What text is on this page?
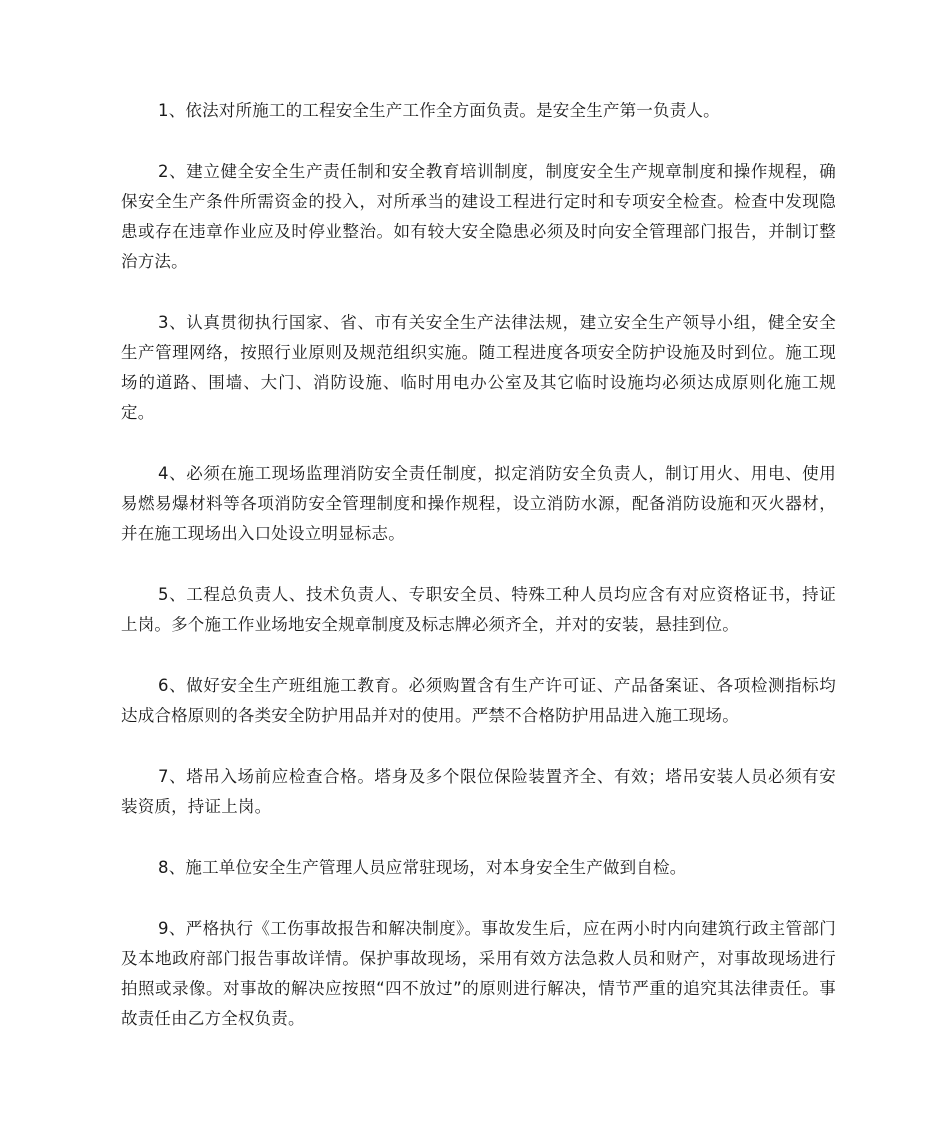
1、依法对所施工的工程安全生产工作全方面负责。是安全生产第一负责人。

2、建立健全安全生产责任制和安全教育培训制度，制度安全生产规章制度和操作规程，确保安全生产条件所需资金的投入，对所承当的建设工程进行定时和专项安全检查。检查中发现隐患或存在违章作业应及时停业整治。如有较大安全隐患必须及时向安全管理部门报告，并制订整治方法。

3、认真贯彻执行国家、省、市有关安全生产法律法规，建立安全生产领导小组，健全安全生产管理网络，按照行业原则及规范组织实施。随工程进度各项安全防护设施及时到位。施工现场的道路、围墙、大门、消防设施、临时用电办公室及其它临时设施均必须达成原则化施工规定。

4、必须在施工现场监理消防安全责任制度，拟定消防安全负责人，制订用火、用电、使用易燃易爆材料等各项消防安全管理制度和操作规程，设立消防水源，配备消防设施和灭火器材，并在施工现场出入口处设立明显标志。

5、工程总负责人、技术负责人、专职安全员、特殊工种人员均应含有对应资格证书，持证上岗。多个施工作业场地安全规章制度及标志牌必须齐全，并对的安装，悬挂到位。

6、做好安全生产班组施工教育。必须购置含有生产许可证、产品备案证、各项检测指标均达成合格原则的各类安全防护用品并对的使用。严禁不合格防护用品进入施工现场。

7、塔吊入场前应检查合格。塔身及多个限位保险装置齐全、有效；塔吊安装人员必须有安装资质，持证上岗。

8、施工单位安全生产管理人员应常驻现场，对本身安全生产做到自检。

9、严格执行《工伤事故报告和解决制度》。事故发生后，应在两小时内向建筑行政主管部门及本地政府部门报告事故详情。保护事故现场，采用有效方法急救人员和财产，对事故现场进行拍照或录像。对事故的解决应按照“四不放过”的原则进行解决，情节严重的追究其法律责任。事故责任由乙方全权负责。
